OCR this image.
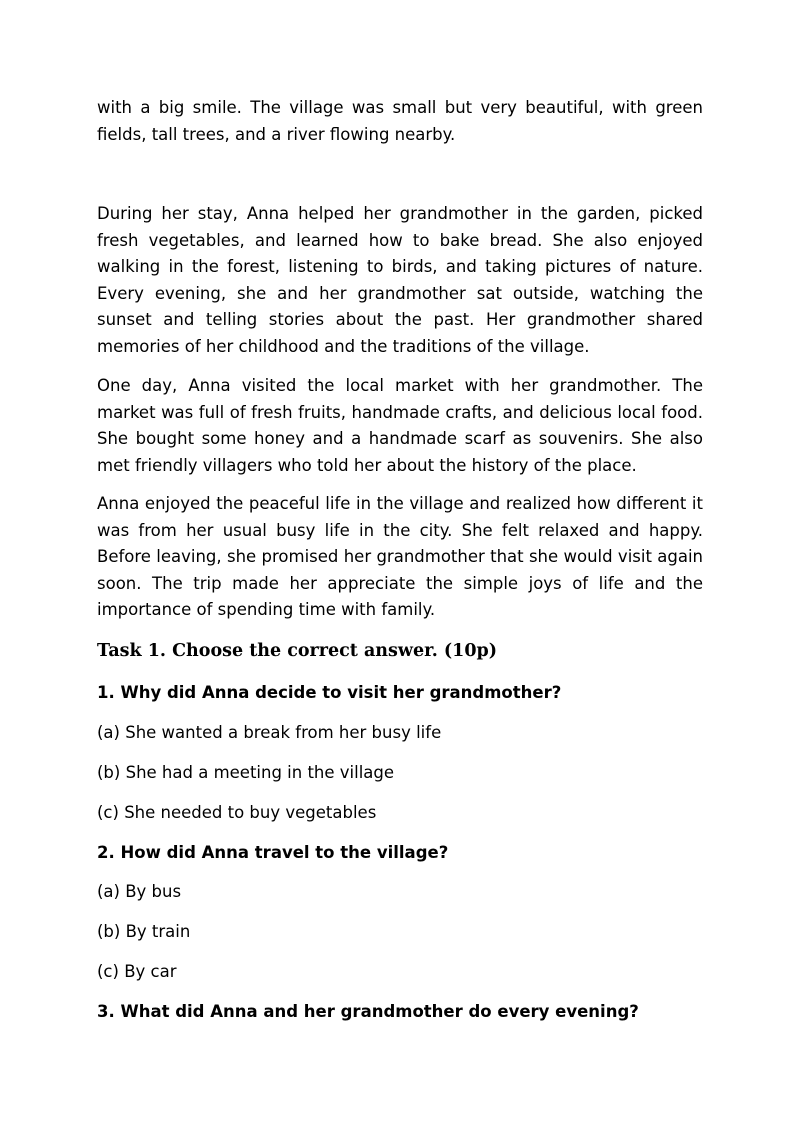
with a big smile. The village was small but very beautiful, with green fields, tall trees, and a river flowing nearby.

During her stay, Anna helped her grandmother in the garden, picked fresh vegetables, and learned how to bake bread. She also enjoyed walking in the forest, listening to birds, and taking pictures of nature. Every evening, she and her grandmother sat outside, watching the sunset and telling stories about the past. Her grandmother shared memories of her childhood and the traditions of the village.

One day, Anna visited the local market with her grandmother. The market was full of fresh fruits, handmade crafts, and delicious local food. She bought some honey and a handmade scarf as souvenirs. She also met friendly villagers who told her about the history of the place.

Anna enjoyed the peaceful life in the village and realized how different it was from her usual busy life in the city. She felt relaxed and happy. Before leaving, she promised her grandmother that she would visit again soon. The trip made her appreciate the simple joys of life and the importance of spending time with family.

Task 1. Choose the correct answer. (10p)

1. Why did Anna decide to visit her grandmother?

(a) She wanted a break from her busy life

(b) She had a meeting in the village

(c) She needed to buy vegetables

2. How did Anna travel to the village?

(a) By bus

(b) By train

(c) By car

3. What did Anna and her grandmother do every evening?
